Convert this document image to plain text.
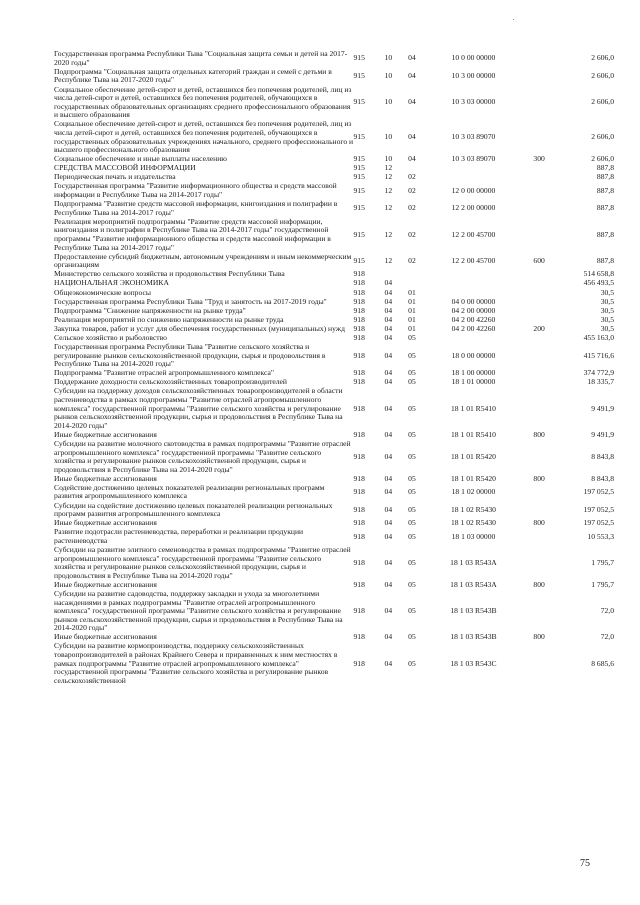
Государственная программа Республики Тыва "Социальная защита семьи и детей на 2017-2020 годы"	915	10	04	10 0 00 00000		2 606,0
Подпрограмма "Социальная защита отдельных категорий граждан и семей с детьми в Республике Тыва на 2017-2020 годы"	915	10	04	10 3 00 00000		2 606,0
Социальное обеспечение детей-сирот и детей, оставшихся без попечения родителей, лиц из числа детей-сирот и детей, оставшихся без попечения родителей, обучающихся в государственных образовательных организациях среднего профессионального образования и высшего образования	915	10	04	10 3 03 00000		2 606,0
Социальное обеспечение детей-сирот и детей, оставшихся без попечения родителей, лиц из числа детей-сирот и детей, оставшихся без попечения родителей, обучающихся в государственных образовательных учреждениях начального, среднего профессионального и высшего профессионального образования	915	10	04	10 3 03 89070		2 606,0
Социальное обеспечение и иные выплаты населению	915	10	04	10 3 03 89070	300	2 606,0
СРЕДСТВА МАССОВОЙ ИНФОРМАЦИИ	915	12				887,8
Периодическая печать и издательства	915	12	02			887,8
Государственная программа "Развитие информационного общества и средств массовой информации в Республике Тыва на 2014-2017 годы"	915	12	02	12 0 00 00000		887,8
Подпрограмма "Развитие средств массовой информации, книгоиздания и полиграфии в Республике Тыва на 2014-2017 годы"	915	12	02	12 2 00 00000		887,8
Реализация мероприятий подпрограммы "Развитие средств массовой информации, книгоиздания и полиграфии в Республике Тыва на 2014-2017 годы" государственной программы "Развитие информационного общества и средств массовой информации в Республике Тыва на 2014-2017 годы"	915	12	02	12 2 00 45700		887,8
Предоставление субсидий бюджетным, автономным учреждениям и иным некоммерческим организациям	915	12	02	12 2 00 45700	600	887,8
Министерство сельского хозяйства и продовольствия Республики Тыва	918					514 658,8
НАЦИОНАЛЬНАЯ ЭКОНОМИКА	918	04				456 493,5
Общеэкономические вопросы	918	04	01			30,5
Государственная программа Республики Тыва "Труд и занятость на 2017-2019 годы"	918	04	01	04 0 00 00000		30,5
Подпрограмма "Снижение напряженности на рынке труда"	918	04	01	04 2 00 00000		30,5
Реализация мероприятий по снижению напряженности на рынке труда	918	04	01	04 2 00 42260		30,5
Закупка товаров, работ и услуг для обеспечения государственных (муниципальных) нужд	918	04	01	04 2 00 42260	200	30,5
Сельское хозяйство и рыболовство	918	04	05			455 163,0
Государственная программа Республики Тыва "Развитие сельского хозяйства и регулирование рынков сельскохозяйственной продукции, сырья и продовольствия в Республике Тыва на 2014-2020 годы"	918	04	05	18 0 00 00000		415 716,6
Подпрограмма "Развитие отраслей агропромышленного комплекса"	918	04	05	18 1 00 00000		374 772,9
Поддержание доходности сельскохозяйственных товаропроизводителей	918	04	05	18 1 01 00000		18 335,7
Субсидии на поддержку доходов сельскохозяйственных товаропроизводителей в области растениеводства в рамках подпрограммы "Развитие отраслей агропромышленного комплекса" государственной программы "Развитие сельского хозяйства и регулирование рынков сельскохозяйственной продукции, сырья и продовольствия в Республике Тыва на 2014-2020 годы"	918	04	05	18 1 01 R5410		9 491,9
Иные бюджетные ассигнования	918	04	05	18 1 01 R5410	800	9 491,9
Субсидии на развитие молочного скотоводства в рамках подпрограммы "Развитие отраслей агропромышленного комплекса" государственной программы "Развитие сельского хозяйства и регулирование рынков сельскохозяйственной продукции, сырья и продовольствия в Республике Тыва на 2014-2020 годы"	918	04	05	18 1 01 R5420		8 843,8
Иные бюджетные ассигнования	918	04	05	18 1 01 R5420	800	8 843,8
Содействие достижению целевых показателей реализации региональных программ развития агропромышленного комплекса	918	04	05	18 1 02 00000		197 052,5
Субсидии на содействие достижению целевых показателей реализации региональных программ развития агропромышленного комплекса	918	04	05	18 1 02 R5430		197 052,5
Иные бюджетные ассигнования	918	04	05	18 1 02 R5430	800	197 052,5
Развитие подотрасли растениеводства, переработки и реализации продукции растениеводства	918	04	05	18 1 03 00000		10 553,3
Субсидии на развитие элитного семеноводства в рамках подпрограммы "Развитие отраслей агропромышленного комплекса" государственной программы "Развитие сельского хозяйства и регулирование рынков сельскохозяйственной продукции, сырья и продовольствия в Республике Тыва на 2014-2020 годы"	918	04	05	18 1 03 R543А		1 795,7
Иные бюджетные ассигнования	918	04	05	18 1 03 R543А	800	1 795,7
Субсидии на развитие садоводства, поддержку закладки и ухода за многолетними насаждениями в рамках подпрограммы "Развитие отраслей агропромышленного комплекса" государственной программы "Развитие сельского хозяйства и регулирование рынков сельскохозяйственной продукции, сырья и продовольствия в Республике Тыва на 2014-2020 годы"	918	04	05	18 1 03 R543B		72,0
Иные бюджетные ассигнования	918	04	05	18 1 03 R543B	800	72,0
Субсидии на развитие кормопроизводства, поддержку сельскохозяйственных товаропроизводителей в районах Крайнего Севера и приравненных к ним местностях в рамках подпрограммы "Развитие отраслей агропромышленного комплекса" государственной программы "Развитие сельского хозяйства и регулирование рынков сельскохозяйственной	918	04	05	18 1 03 R543С		8 685,6
75
